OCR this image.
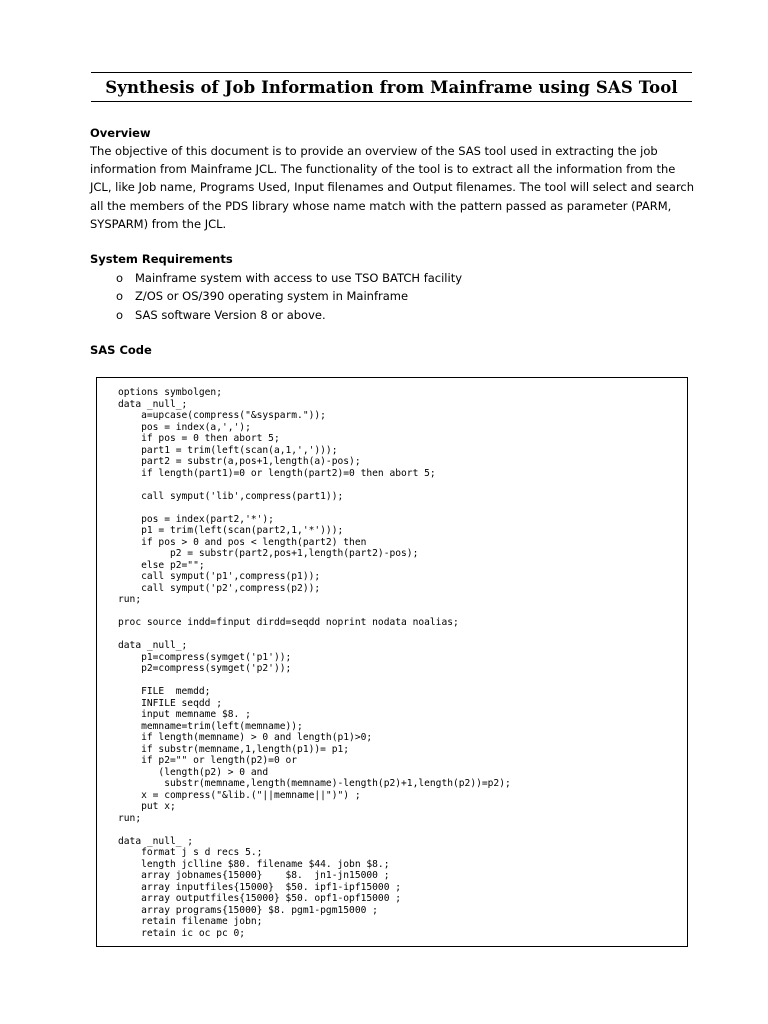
Synthesis of Job Information from Mainframe using SAS Tool
Overview

The objective of this document is to provide an overview of the SAS tool used in extracting the job information from Mainframe JCL. The functionality of the tool is to extract all the information from the JCL, like Job name, Programs Used, Input filenames and Output filenames. The tool will select and search all the members of the PDS library whose name match with the pattern passed as parameter (PARM, SYSPARM) from the JCL.

System Requirements
o	Mainframe system with access to use TSO BATCH facility
o	Z/OS or OS/390 operating system in Mainframe
o	SAS software Version 8 or above.
SAS Code
options symbolgen;
data _null_;
a=upcase(compress("&sysparm."));
pos = index(a,',');
if pos = 0 then abort 5;
part1 = trim(left(scan(a,1,',')));
part2 = substr(a,pos+1,length(a)-pos);
if length(part1)=0 or length(part2)=0 then abort 5;

call symput('lib',compress(part1));

pos = index(part2,'*');
p1 = trim(left(scan(part2,1,'*')));
if pos > 0 and pos < length(part2) then
p2 = substr(part2,pos+1,length(part2)-pos);
else p2="";
call symput('p1',compress(p1));
call symput('p2',compress(p2));
run;

proc source indd=finput dirdd=seqdd noprint nodata noalias;

data _null_;
p1=compress(symget('p1'));
p2=compress(symget('p2'));

FILE  memdd;
INFILE seqdd ;
input memname $8. ;
memname=trim(left(memname));
if length(memname) > 0 and length(p1)>0;
if substr(memname,1,length(p1))= p1;
if p2="" or length(p2)=0 or
(length(p2) > 0 and
substr(memname,length(memname)-length(p2)+1,length(p2))=p2);
x = compress("&lib.("||memname||")") ;
put x;
run;

data _null_ ;
format j s d recs 5.;
length jclline $80. filename $44. jobn $8.;
array jobnames{15000}    $8.  jn1-jn15000 ;
array inputfiles{15000}  $50. ipf1-ipf15000 ;
array outputfiles{15000} $50. opf1-opf15000 ;
array programs{15000} $8. pgm1-pgm15000 ;
retain filename jobn;
retain ic oc pc 0;
